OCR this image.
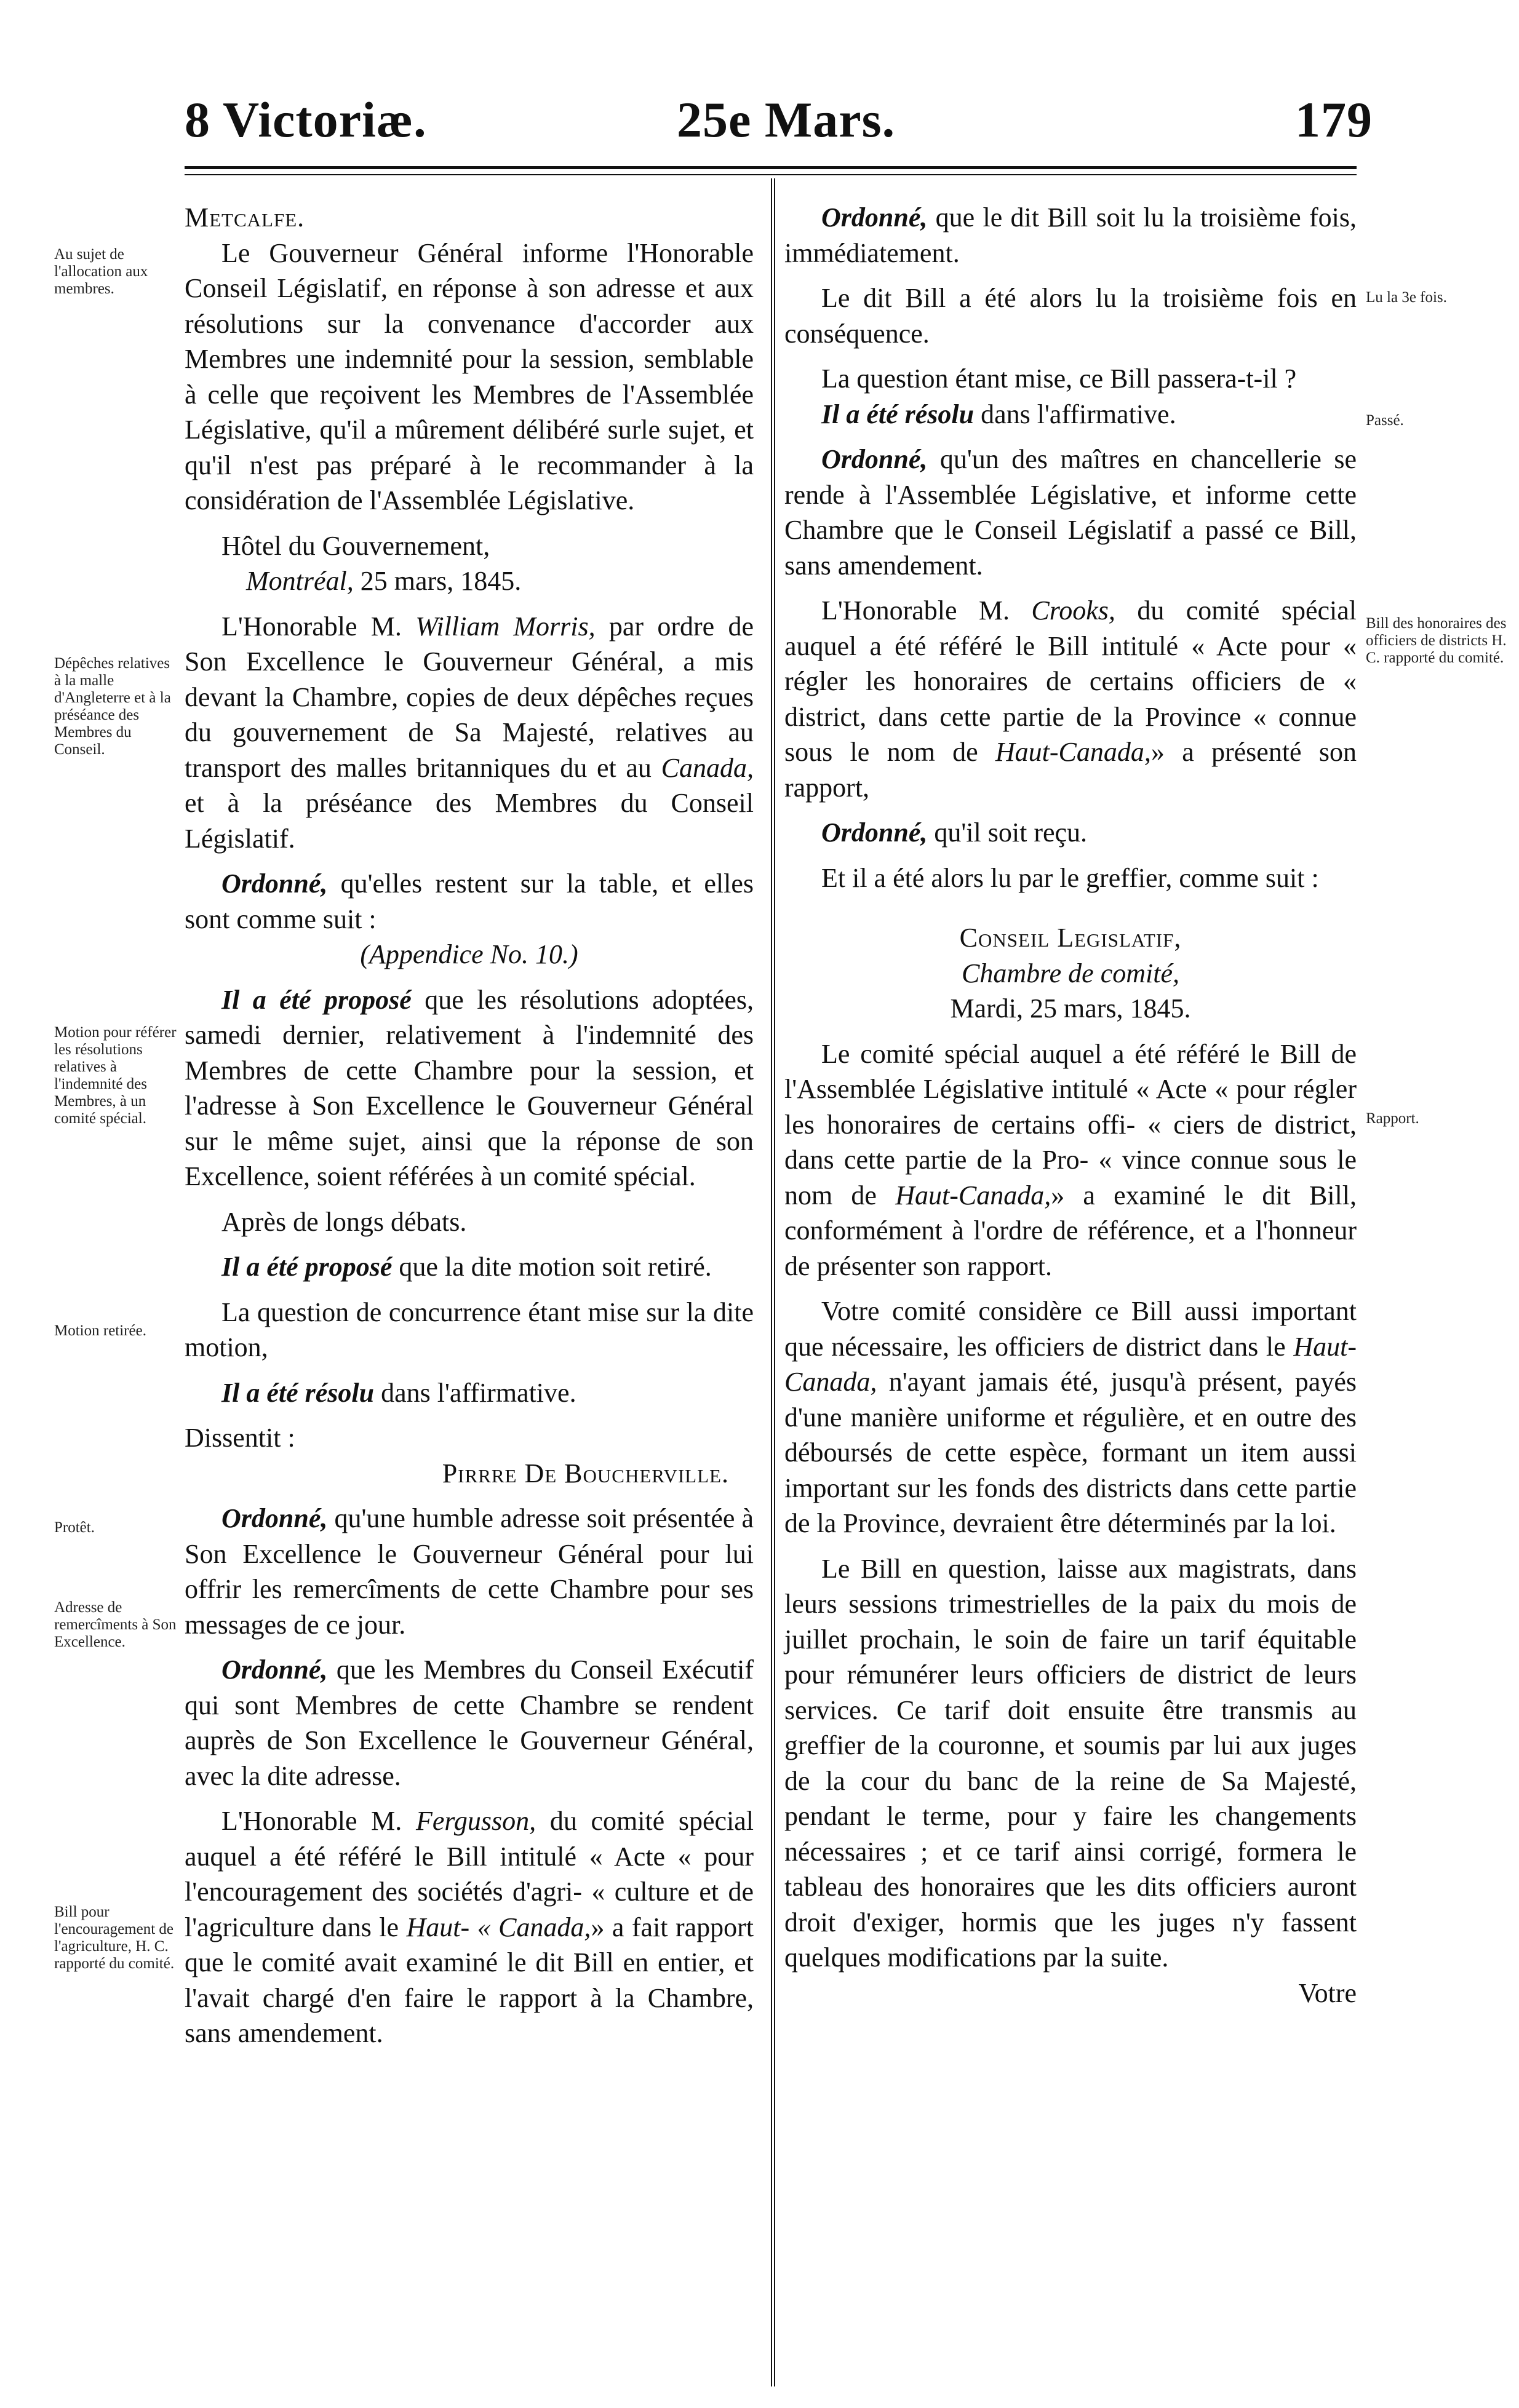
8 Victoriæ.	25e Mars.	179
Au sujet de l'allocation aux membres.
Dépêches relatives à la malle d'Angleterre et à la préséance des Membres du Conseil.
Motion pour référer les résolutions relatives à l'indemnité des Membres, à un comité spécial.
Motion retirée.
Protêt.
Adresse de remercîments à Son Excellence.
Bill pour l'encouragement de l'agriculture, H. C. rapporté du comité.
Lu la 3e fois.
Passé.
Bill des honoraires des officiers de districts H. C. rapporté du comité.
Rapport.

Metcalfe.

Le Gouverneur Général informe l'Honorable Conseil Législatif, en réponse à son adresse et aux résolutions sur la convenance d'accorder aux Membres une indemnité pour la session, semblable à celle que reçoivent les Membres de l'Assemblée Législative, qu'il a mûrement délibéré surle sujet, et qu'il n'est pas préparé à le recommander à la considération de l'Assemblée Législative.

Hôtel du Gouvernement,

Montréal, 25 mars, 1845.

L'Honorable M. William Morris, par ordre de Son Excellence le Gouverneur Général, a mis devant la Chambre, copies de deux dépêches reçues du gouvernement de Sa Majesté, relatives au transport des malles britanniques du et au Canada, et à la préséance des Membres du Conseil Législatif.

Ordonné, qu'elles restent sur la table, et elles sont comme suit :

(Appendice No. 10.)

Il a été proposé que les résolutions adoptées, samedi dernier, relativement à l'indemnité des Membres de cette Chambre pour la session, et l'adresse à Son Excellence le Gouverneur Général sur le même sujet, ainsi que la réponse de son Excellence, soient référées à un comité spécial.

Après de longs débats.

Il a été proposé que la dite motion soit retiré.

La question de concurrence étant mise sur la dite motion,

Il a été résolu dans l'affirmative.

Dissentit :

Pirrre De Boucherville.

Ordonné, qu'une humble adresse soit présentée à Son Excellence le Gouverneur Général pour lui offrir les remercîments de cette Chambre pour ses messages de ce jour.

Ordonné, que les Membres du Conseil Exécutif qui sont Membres de cette Chambre se rendent auprès de Son Excellence le Gouverneur Général, avec la dite adresse.

L'Honorable M. Fergusson, du comité spécial auquel a été référé le Bill intitulé « Acte « pour l'encouragement des sociétés d'agri- « culture et de l'agriculture dans le Haut- « Canada,» a fait rapport que le comité avait examiné le dit Bill en entier, et l'avait chargé d'en faire le rapport à la Chambre, sans amendement.

Ordonné, que le dit Bill soit lu la troisième fois, immédiatement.

Le dit Bill a été alors lu la troisième fois en conséquence.

La question étant mise, ce Bill passera-t-il ?

Il a été résolu dans l'affirmative.

Ordonné, qu'un des maîtres en chancellerie se rende à l'Assemblée Législative, et informe cette Chambre que le Conseil Législatif a passé ce Bill, sans amendement.

L'Honorable M. Crooks, du comité spécial auquel a été référé le Bill intitulé « Acte pour « régler les honoraires de certains officiers de « district, dans cette partie de la Province « connue sous le nom de Haut-Canada,» a présenté son rapport,

Ordonné, qu'il soit reçu.

Et il a été alors lu par le greffier, comme suit :

Conseil Legislatif,

Chambre de comité,

Mardi, 25 mars, 1845.

Le comité spécial auquel a été référé le Bill de l'Assemblée Législative intitulé « Acte « pour régler les honoraires de certains offi- « ciers de district, dans cette partie de la Pro- « vince connue sous le nom de Haut-Canada,» a examiné le dit Bill, conformément à l'ordre de référence, et a l'honneur de présenter son rapport.

Votre comité considère ce Bill aussi important que nécessaire, les officiers de district dans le Haut-Canada, n'ayant jamais été, jusqu'à présent, payés d'une manière uniforme et régulière, et en outre des déboursés de cette espèce, formant un item aussi important sur les fonds des districts dans cette partie de la Province, devraient être déterminés par la loi.

Le Bill en question, laisse aux magistrats, dans leurs sessions trimestrielles de la paix du mois de juillet prochain, le soin de faire un tarif équitable pour rémunérer leurs officiers de district de leurs services. Ce tarif doit ensuite être transmis au greffier de la couronne, et soumis par lui aux juges de la cour du banc de la reine de Sa Majesté, pendant le terme, pour y faire les changements nécessaires ; et ce tarif ainsi corrigé, formera le tableau des honoraires que les dits officiers auront droit d'exiger, hormis que les juges n'y fassent quelques modifications par la suite.

Votre
